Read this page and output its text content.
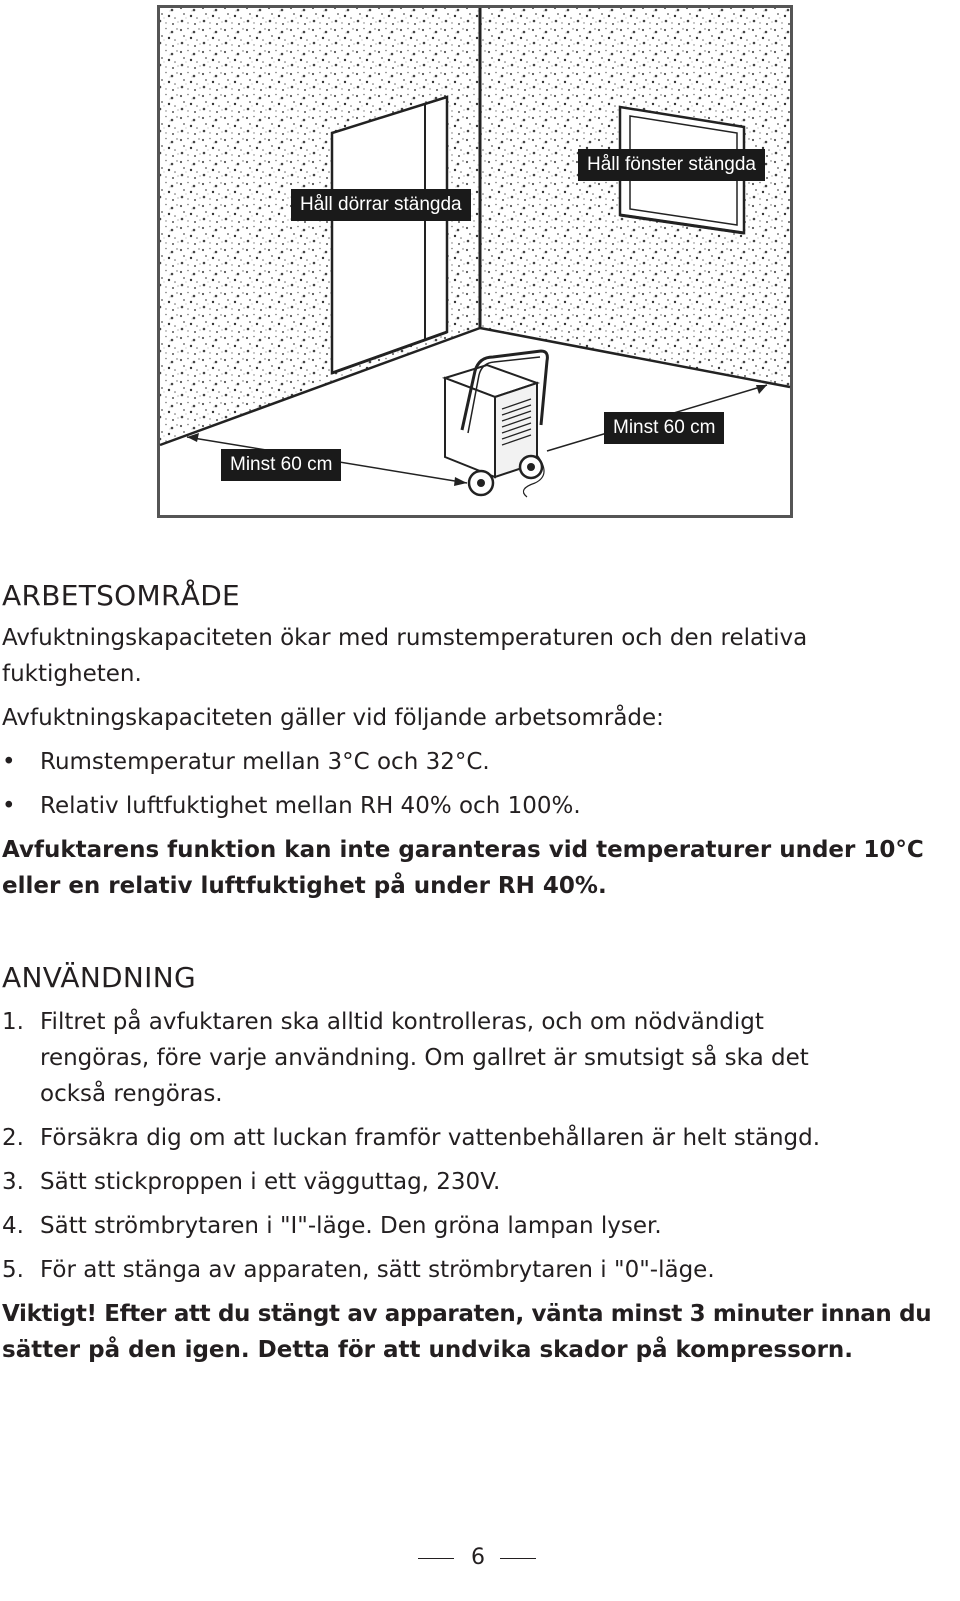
Håll dörrar stängda
Håll fönster stängda
Minst 60 cm
Minst 60 cm
ARBETSOMRÅDE

Avfuktningskapaciteten ökar med rumstemperaturen och den relativa

fuktigheten.

Avfuktningskapaciteten gäller vid följande arbetsområde:

• Rumstemperatur mellan 3°C och 32°C.
• Relativ luftfuktighet mellan RH 40% och 100%.

Avfuktarens funktion kan inte garanteras vid temperaturer under 10°C

eller en relativ luftfuktighet på under RH 40%.

ANVÄNDNING
1. Filtret på avfuktaren ska alltid kontrolleras, och om nödvändigt
rengöras, före varje användning. Om gallret är smutsigt så ska det
också rengöras.
2. Försäkra dig om att luckan framför vattenbehållaren är helt stängd.
3. Sätt stickproppen i ett vägguttag, 230V.
4. Sätt strömbrytaren i "I"-läge. Den gröna lampan lyser.
5. För att stänga av apparaten, sätt strömbrytaren i "0"-läge.

Viktigt! Efter att du stängt av apparaten, vänta minst 3 minuter innan du

sätter på den igen. Detta för att undvika skador på kompressorn.

6
